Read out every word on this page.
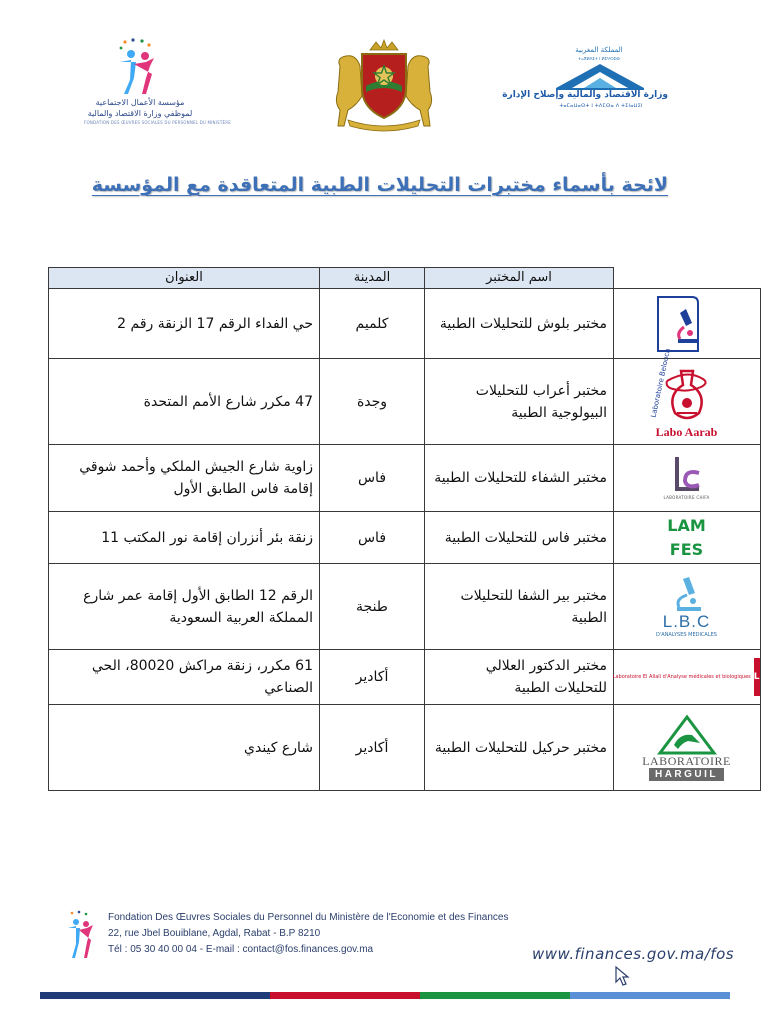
مؤسسة الأعمال الاجتماعية
لموظفي وزارة الاقتصاد والمالية
FONDATION DES ŒUVRES SOCIALES DU PERSONNEL DU MINISTÈRE
المملكة المغربية
ⵜⴰⴳⵍⴷⵉⵜ ⵏ ⵍⵎⵖⵔⵉⴱ
وزارة الاقتصاد والمالية وإصلاح الإدارة
ⵜⴰⵎⴰⵡⴰⵙⵜ ⵏ ⵜⴷⵎⵙⴰ ⴷ ⵜⵉⵏⴰⵡⵉⵏ
لائحة بأسماء مختبرات التحليلات الطبية المتعاقدة مع المؤسسة
	اسم المختبر	المدينة	العنوان

Laboratoire Belouch	مختبر بلوش للتحليلات الطبية	كلميم	حي الفداء الرقم 17 الزنقة رقم 2

Labo Aarab	مختبر أعراب للتحليلات البيولوجية الطبية	وجدة	47 مكرر شارع الأمم المتحدة

LABORATOIRE CHIFA	مختبر الشفاء للتحليلات الطبية	فاس	زاوية شارع الجيش الملكي وأحمد شوقي إقامة فاس الطابق الأول

LAM
FES	مختبر فاس للتحليلات الطبية	فاس	زنقة بئر أنزران إقامة نور المكتب 11

L.B.C
D'ANALYSES MEDICALES	مختبر بير الشفا للتحليلات الطبية	طنجة	الرقم 12 الطابق الأول إقامة عمر شارع المملكة العربية السعودية

L
Laboratoire El Allali d'Analyse médicales et biologiques	مختبر الدكتور العلالي للتحليلات الطبية	أكادير	61 مكرر، زنقة مراكش 80020، الحي الصناعي

LABORATOIRE
HARGUIL	مختبر حركيل للتحليلات الطبية	أكادير	شارع كيندي
Fondation Des Œuvres Sociales du Personnel du Ministère de l'Economie et des Finances
22, rue Jbel Bouiblane, Agdal, Rabat - B.P 8210
Tél : 05 30 40 00 04 - E-mail : contact@fos.finances.gov.ma	www.finances.gov.ma/fos
